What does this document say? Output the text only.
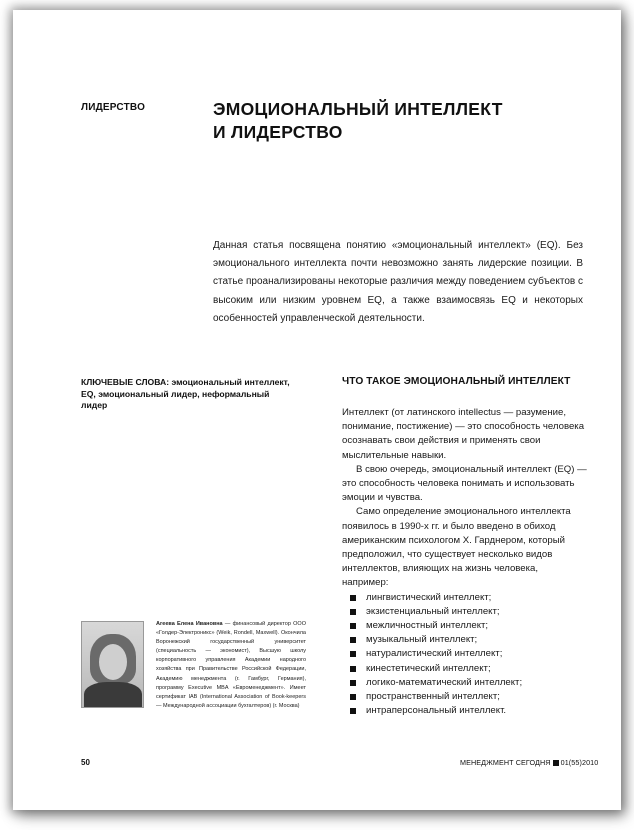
ЛИДЕРСТВО	ЭМОЦИОНАЛЬНЫЙ ИНТЕЛЛЕКТ
И ЛИДЕРСТВО
Данная статья посвящена понятию «эмоциональный интеллект» (EQ). Без эмоционального интеллекта почти невозможно занять лидерские позиции. В статье проанализированы некоторые различия между поведением субъектов с высоким или низким уровнем EQ, а также взаимосвязь EQ и некоторых особенностей управленческой деятельности.
КЛЮЧЕВЫЕ СЛОВА: эмоциональный интеллект, EQ, эмоциональный лидер, неформальный лидер
ЧТО ТАКОЕ ЭМОЦИОНАЛЬНЫЙ ИНТЕЛЛЕКТ

Интеллект (от латинского intellectus — разумение, понимание, постижение) — это способность человека осознавать свои действия и применять свои мыслительные навыки.

В свою очередь, эмоциональный интеллект (EQ) — это способность человека понимать и использовать эмоции и чувства.

Само определение эмоционального интеллекта появилось в 1990-х гг. и было введено в обиход американским психологом Х. Гарднером, который предположил, что существует несколько видов интеллектов, влияющих на жизнь человека, например:

лингвистический интеллект;
экзистенциальный интеллект;
межличностный интеллект;
музыкальный интеллект;
натуралистический интеллект;
кинестетический интеллект;
логико-математический интеллект;
пространственный интеллект;
интраперсональный интеллект.
Агеева Елена Ивановна — финансовый директор ООО «Голдер-Электроникс» (Weik, Rondell, Maxwell). Окончила Воронежский государственный университет (специальность — экономист), Высшую школу корпоративного управления Академии народного хозяйства при Правительстве Российской Федерации, Академию менеджмента (г. Гамбург, Германия), программу Executive MBA «Евроменеджмент». Имеет сертификат IAB (International Association of Book-keepers — Международной ассоциации бухгалтеров) (г. Москва)
50	МЕНЕДЖМЕНТ СЕГОДНЯ 01(55)2010
